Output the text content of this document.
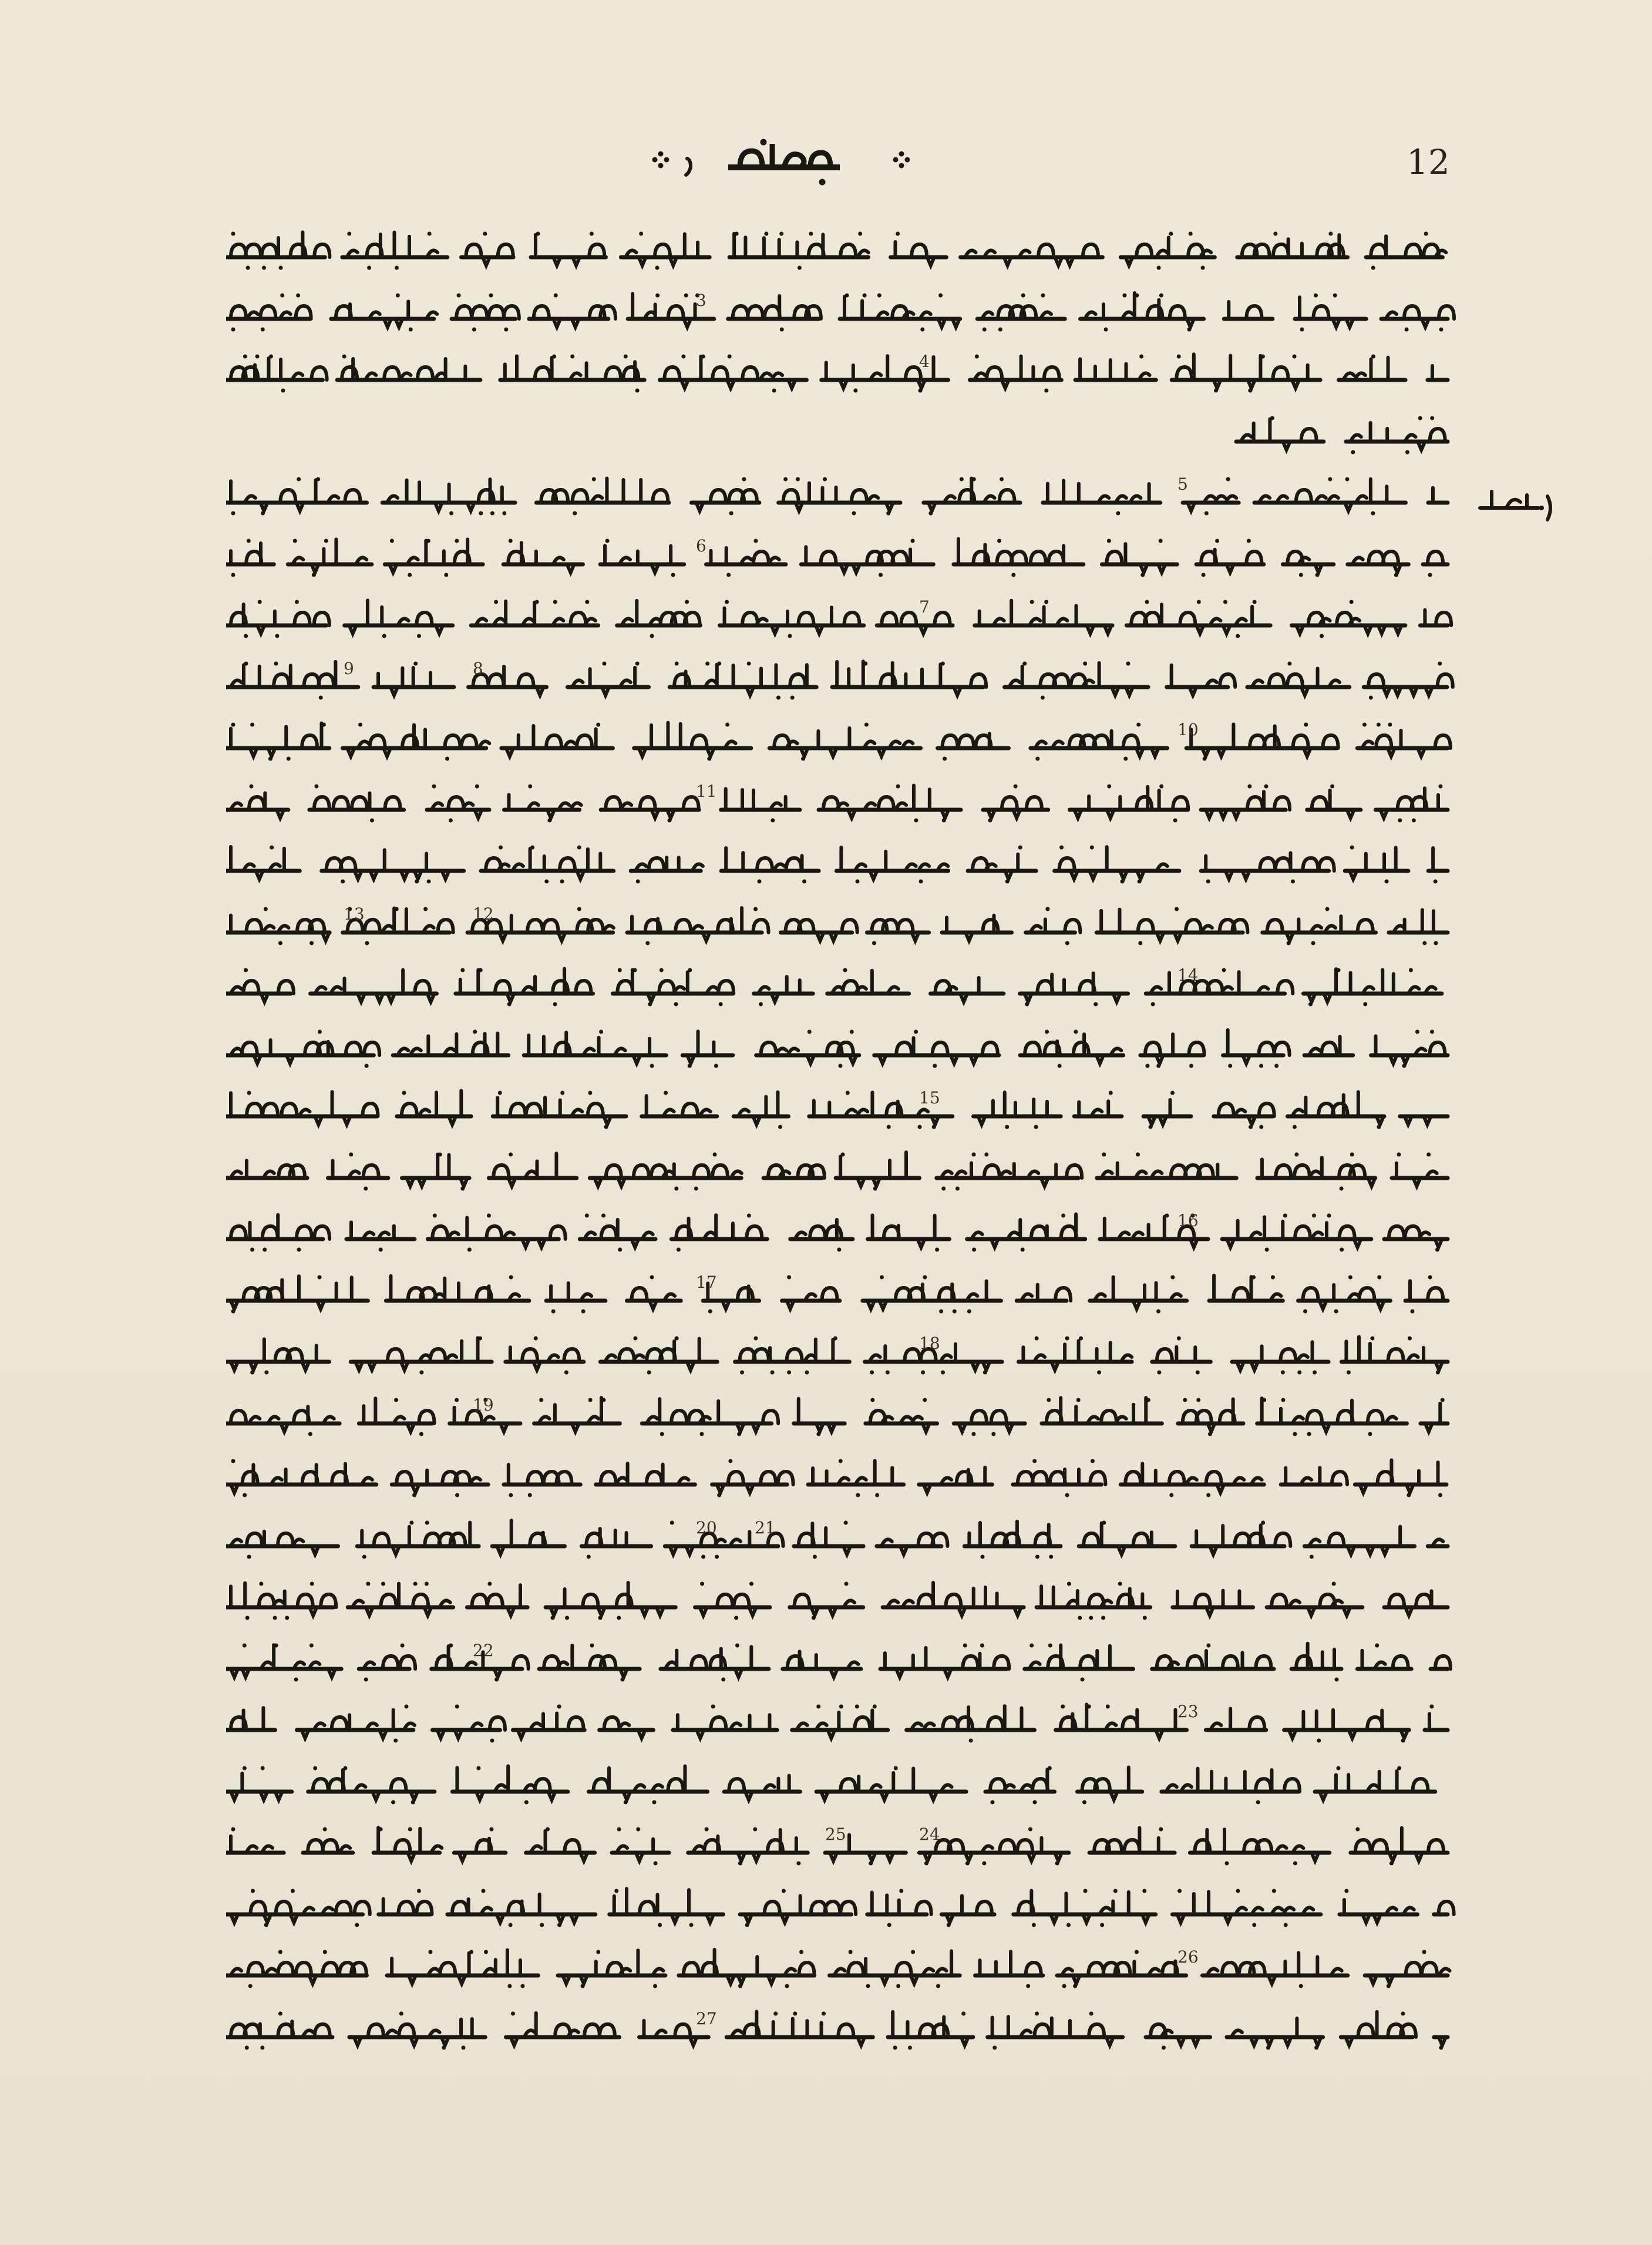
12
3
4
5
6
7
8
9
10
11
12
13
14
15
16
17
18
19
20 21
22
23
24
25
26
27
